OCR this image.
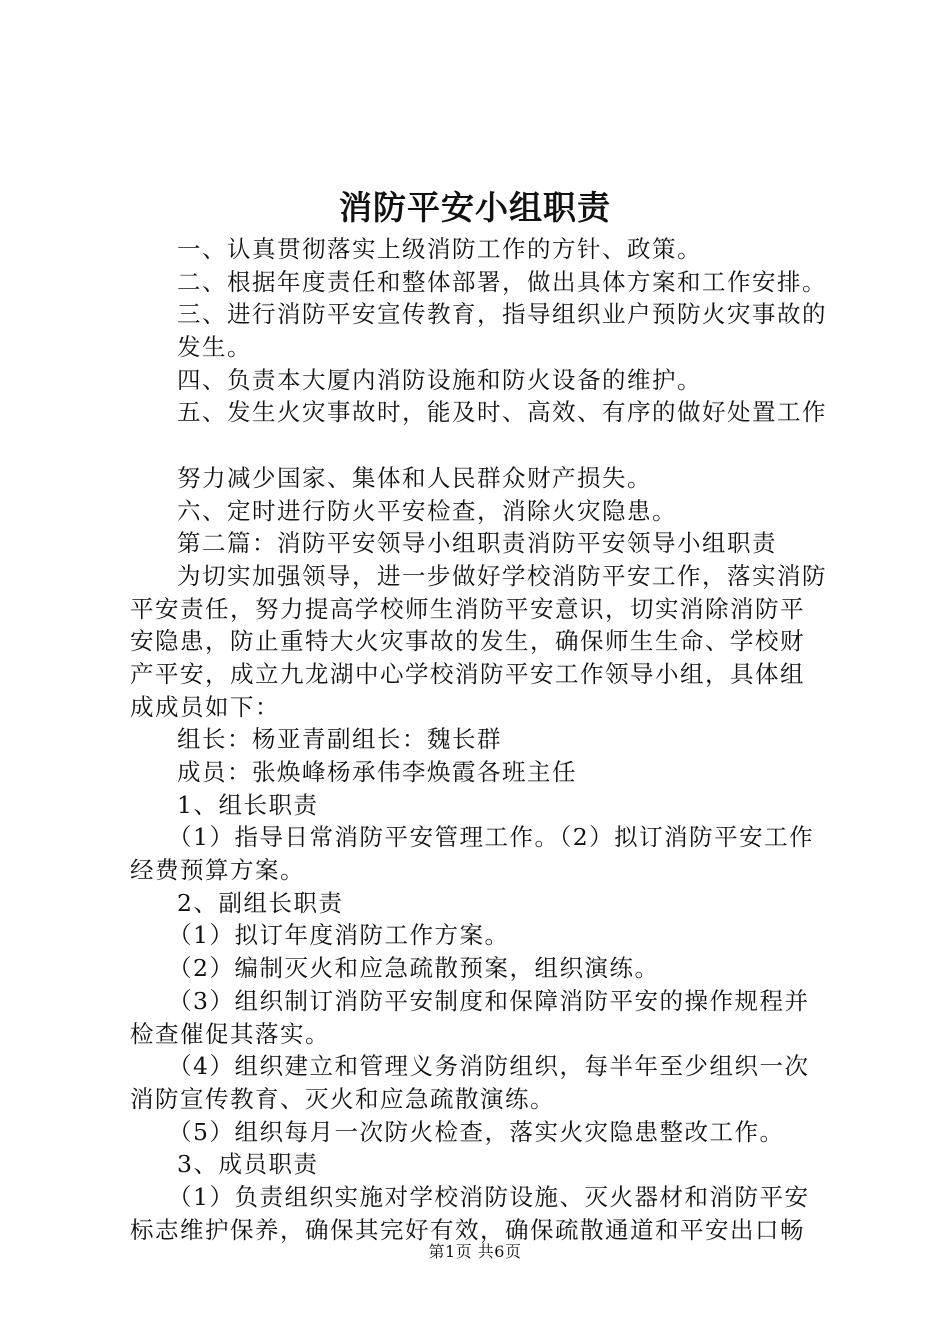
消防平安小组职责
一、认真贯彻落实上级消防工作的方针、政策。
二、根据年度责任和整体部署，做出具体方案和工作安排。
三、进行消防平安宣传教育，指导组织业户预防火灾事故的
发生。
四、负责本大厦内消防设施和防火设备的维护。
五、发生火灾事故时，能及时、高效、有序的做好处置工作
努力减少国家、集体和人民群众财产损失。
六、定时进行防火平安检查，消除火灾隐患。
第二篇：消防平安领导小组职责消防平安领导小组职责
为切实加强领导，进一步做好学校消防平安工作，落实消防
平安责任，努力提高学校师生消防平安意识，切实消除消防平
安隐患，防止重特大火灾事故的发生，确保师生生命、学校财
产平安，成立九龙湖中心学校消防平安工作领导小组，具体组
成成员如下：
组长：杨亚青副组长：魏长群
成员：张焕峰杨承伟李焕霞各班主任
1、组长职责
（1）指导日常消防平安管理工作。（2）拟订消防平安工作
经费预算方案。
2、副组长职责
（1）拟订年度消防工作方案。
（2）编制灭火和应急疏散预案，组织演练。
（3）组织制订消防平安制度和保障消防平安的操作规程并
检查催促其落实。
（4）组织建立和管理义务消防组织，每半年至少组织一次
消防宣传教育、灭火和应急疏散演练。
（5）组织每月一次防火检查，落实火灾隐患整改工作。
3、成员职责
（1）负责组织实施对学校消防设施、灭火器材和消防平安
标志维护保养，确保其完好有效，确保疏散通道和平安出口畅
第1页 共6页
